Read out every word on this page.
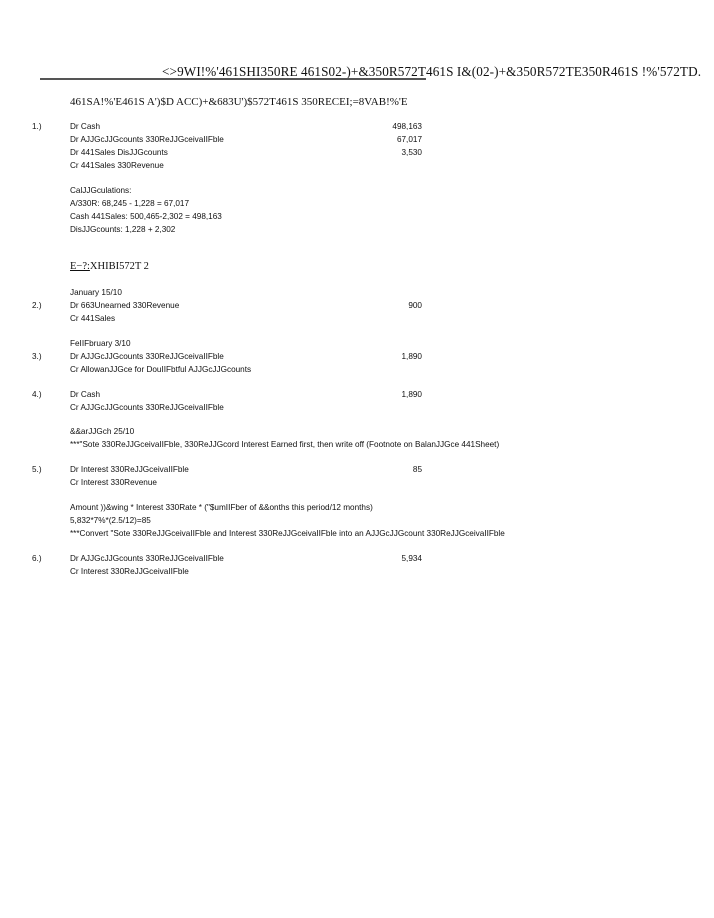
<>9WI!%'461SHI350RE 461S02-)+&350R572T461S I&(02-)+&350R572TE350R461S !%'572TD.
461SA!%'E461S A')$D ACC)+&683U')$572T461S 350RECEI;=8VAB!%'E
1.)	Dr Cash	498,163
Dr AJJGcJJGcounts 330ReJJGceivaIIFble	67,017
Dr 441Sales DisJJGcounts	3,530
Cr 441Sales 330Revenue
CalJJGculations:
A/330R: 68,245 - 1,228 = 67,017
Cash 441Sales: 500,465-2,302 = 498,163
DisJJGcounts: 1,228 + 2,302
E−?:XHIBI572T 2
January 15/10
2.)	Dr 663Unearned 330Revenue	900
Cr 441Sales
FeIIFbruary 3/10
3.)	Dr AJJGcJJGcounts 330ReJJGceivaIIFble	1,890
Cr AllowanJJGce for DouIIFbtful AJJGcJJGcounts
4.)	Dr Cash	1,890
Cr AJJGcJJGcounts 330ReJJGceivaIIFble
&&arJJGch 25/10
***"Sote 330ReJJGceivaIIFble, 330ReJJGcord Interest Earned first, then write off (Footnote on BalanJJGce 441Sheet)
5.)	Dr Interest 330ReJJGceivaIIFble	85
Cr Interest 330Revenue
Amount ))&wing * Interest 330Rate * ("$umIIFber of &&onths this period/12 months)
5,832*7%*(2.5/12)=85
***Convert "Sote 330ReJJGceivaIIFble and Interest 330ReJJGceivaIIFble into an AJJGcJJGcount 330ReJJGceivaIIFble
6.)	Dr AJJGcJJGcounts 330ReJJGceivaIIFble	5,934
Cr Interest 330ReJJGceivaIIFble
